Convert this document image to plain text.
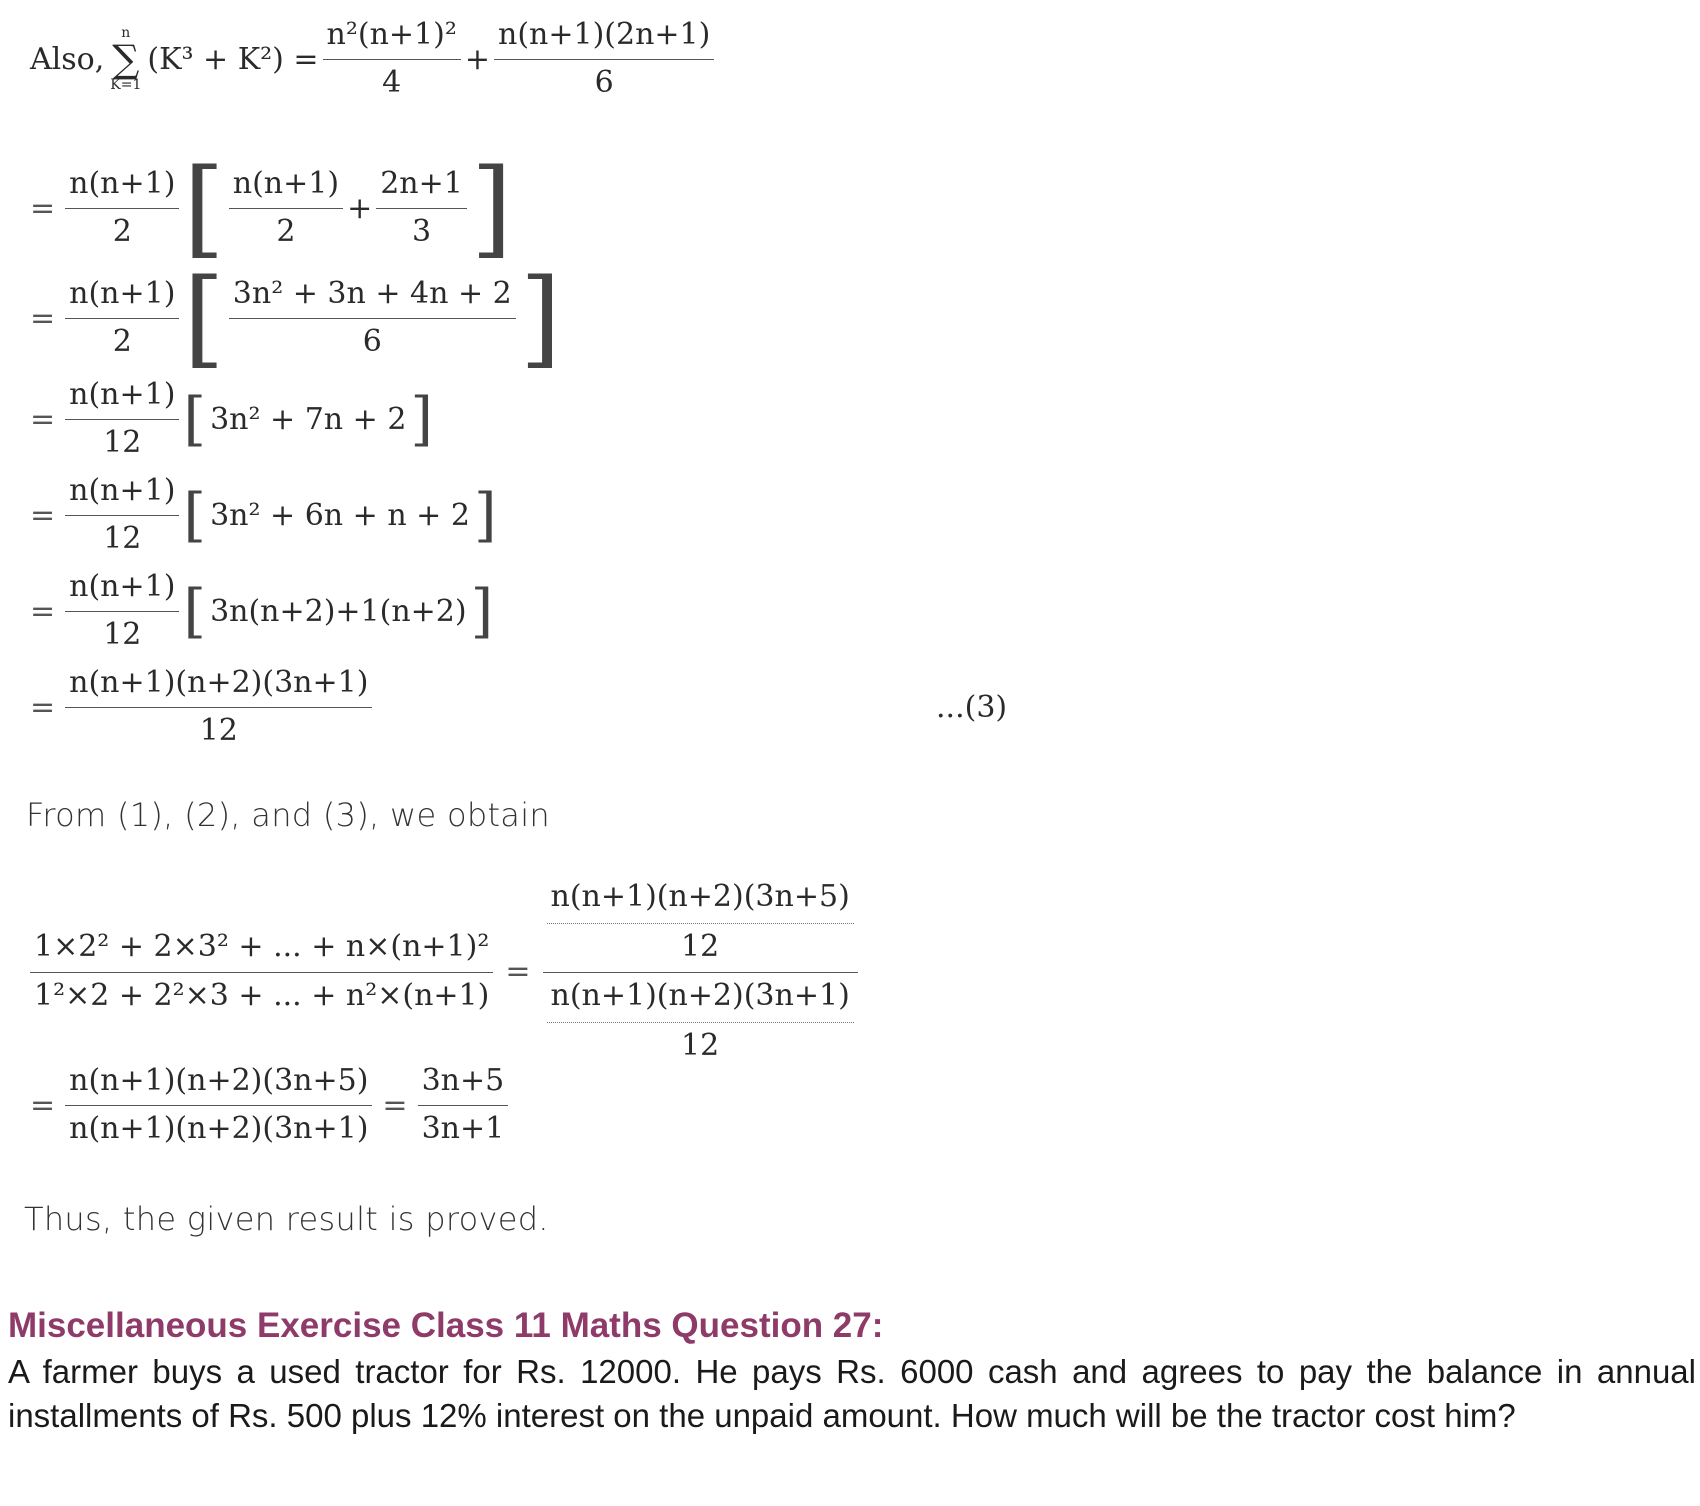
Also,
n
∑
K=1
$(K^3 + K^2) = \frac{\text{n²(n+1)²}}{4} + \frac{n(n+1)(2n+1)}{6}$
= $\frac{n(n+1)}{2}$ [ $\frac{n(n+1)}{2} + \frac{2n+1}{3}$ ]
= $\frac{n(n+1)}{2}$ [ $\frac{\text{3n² + 3n + 4n + 2}}{6}$ ]
= $\frac{n(n+1)}{12}$ [ 3n² + 7n + 2 ]
= $\frac{n(n+1)}{12}$ [ 3n² + 6n + n + 2 ]
= $\frac{n(n+1)}{12}$ [ 3n(n+2)+1(n+2) ]
= $\frac{n(n+1)(n+2)(3n+1)}{12}$	...(3)
From (1), (2), and (3), we obtain
$\frac{\text{1×2² + 2×3² + ... + n×(n+1)²}}{\text{1²×2 + 2²×3 + ... + n²×(n+1)}} = \frac{\frac{n(n+1)(n+2)(3n+5)}{12}}{\frac{n(n+1)(n+2)(3n+1)}{12}}$
= $\frac{n(n+1)(n+2)(3n+5)}{n(n+1)(n+2)(3n+1)} = \frac{3n+5}{3n+1}$
Thus, the given result is proved.
Miscellaneous Exercise Class 11 Maths Question 27:
A farmer buys a used tractor for Rs. 12000. He pays Rs. 6000 cash and agrees to pay the balance in annual installments of Rs. 500 plus 12% interest on the unpaid amount. How much will be the tractor cost him?
